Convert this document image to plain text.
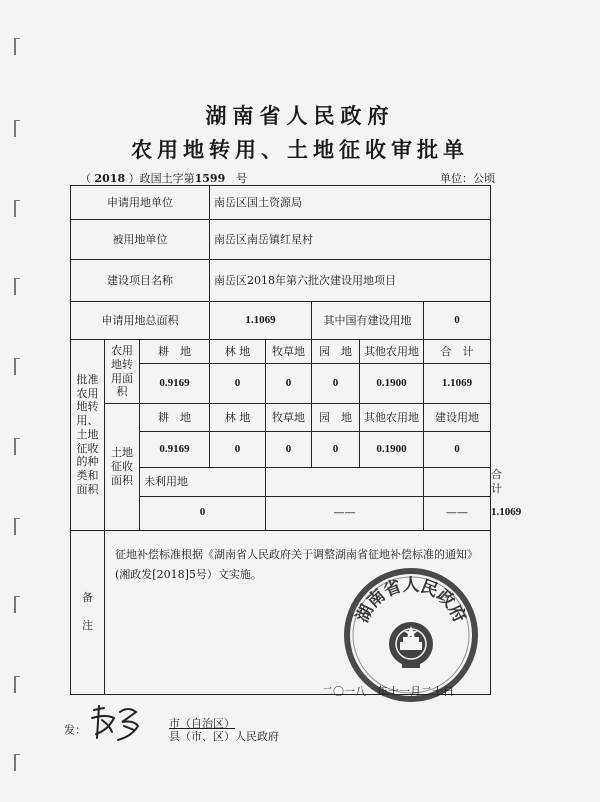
湖南省人民政府
农用地转用、土地征收审批单
（ 2018 ）政国土字第1599　 号	单位：公顷
申请用地单位			南岳区国土资源局					
被用地单位			南岳区南岳镇红星村					
建设项目名称			南岳区2018年第六批次建设用地项目					
申请用地总面积			1.1069		其中国有建设用地		0	
批准农用地转用、土地征收的种类和面积	农用地转用面积	耕　地	林 地	牧草地	园　地	其他农用地	合　计	
		0.9169	0	0	0	0.1900	1.1069	
	土地征收面积	耕　地	林 地	牧草地	园　地	其他农用地	建设用地	
		0.9169	0	0	0	0.1900	0	
		未利用地						合　计
		0		——			——	1.1069
备

注	征地补偿标准根据《湖南省人民政府关于调整湖南省征地补偿标准的通知》(湘政发[2018]5号）文实施。							
湖南省人民政府
二〇一八　年十一月二十日
发：  市（自治区）
县（市、区）人民政府
